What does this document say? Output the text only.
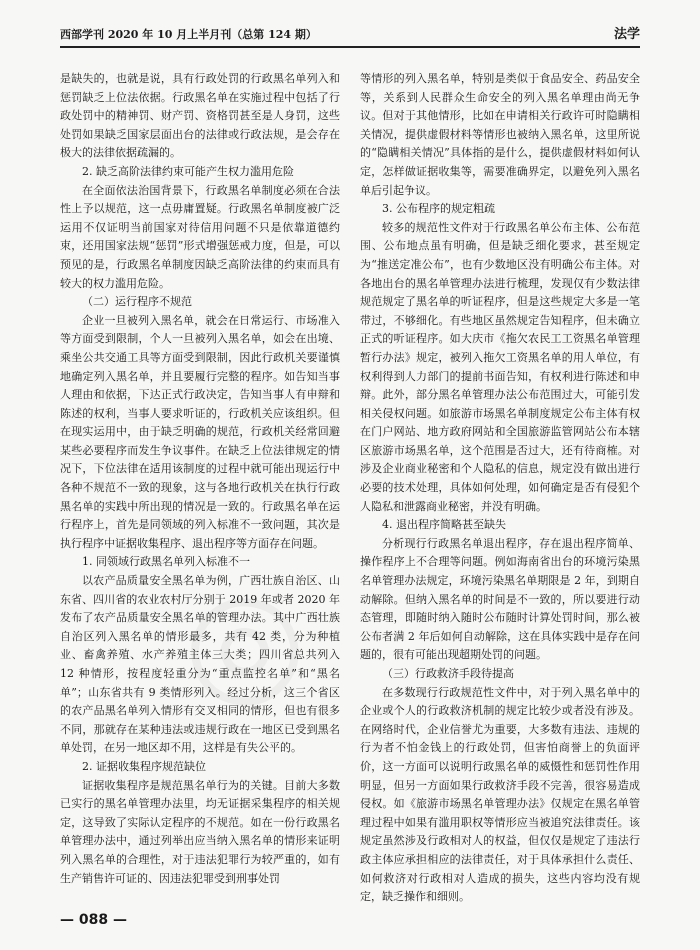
西部学刊 2020 年 10 月上半月刊（总第 124 期）	法学

是缺失的，也就是说，具有行政处罚的行政黑名单列入和惩罚缺乏上位法依据。行政黑名单在实施过程中包括了行政处罚中的精神罚、财产罚、资格罚甚至是人身罚，这些处罚如果缺乏国家层面出台的法律或行政法规，是会存在极大的法律依据疏漏的。

2. 缺乏高阶法律约束可能产生权力滥用危险

在全面依法治国背景下，行政黑名单制度必须在合法性上予以规范，这一点毋庸置疑。行政黑名单制度被广泛运用不仅证明当前国家对待信用问题不只是依靠道德约束，还用国家法规“惩罚”形式增强惩戒力度，但是，可以预见的是，行政黑名单制度因缺乏高阶法律的约束而具有较大的权力滥用危险。

（二）运行程序不规范

企业一旦被列入黑名单，就会在日常运行、市场准入等方面受到限制，个人一旦被列入黑名单，如会在出境、乘坐公共交通工具等方面受到限制，因此行政机关要谨慎地确定列入黑名单，并且要履行完整的程序。如告知当事人理由和依据，下达正式行政决定，告知当事人有申辩和陈述的权利，当事人要求听证的，行政机关应该组织。但在现实运用中，由于缺乏明确的规范，行政机关经常回避某些必要程序而发生争议事件。在缺乏上位法律规定的情况下，下位法律在适用该制度的过程中就可能出现运行中各种不规范不一致的现象，这与各地行政机关在执行行政黑名单的实践中所出现的情况是一致的。行政黑名单在运行程序上，首先是同领域的列入标准不一致问题，其次是执行程序中证据收集程序、退出程序等方面存在问题。

1. 同领域行政黑名单列入标准不一

以农产品质量安全黑名单为例，广西壮族自治区、山东省、四川省的农业农村厅分别于 2019 年或者 2020 年发布了农产品质量安全黑名单的管理办法。其中广西壮族自治区列入黑名单的情形最多，共有 42 类，分为种植业、畜禽养殖、水产养殖主体三大类；四川省总共列入 12 种情形，按程度轻重分为“重点监控名单”和“黑名单”；山东省共有 9 类情形列入。经过分析，这三个省区的农产品黑名单列入情形有交叉相同的情形，但也有很多不同，那就存在某种违法或违规行政在一地区已受到黑名单处罚，在另一地区却不用，这样是有失公平的。

2. 证据收集程序规范缺位

证据收集程序是规范黑名单行为的关键。目前大多数已实行的黑名单管理办法里，均无证据采集程序的相关规定，这导致了实际认定程序的不规范。如在一份行政黑名单管理办法中，通过列举出应当纳入黑名单的情形来证明列入黑名单的合理性，对于违法犯罪行为较严重的，如有生产销售许可证的、因违法犯罪受到刑事处罚

等情形的列入黑名单，特别是类似于食品安全、药品安全等，关系到人民群众生命安全的列入黑名单理由尚无争议。但对于其他情形，比如在申请相关行政许可时隐瞒相关情况，提供虚假材料等情形也被纳入黑名单，这里所说的“隐瞒相关情况”具体指的是什么，提供虚假材料如何认定，怎样做证据收集等，需要准确界定，以避免列入黑名单后引起争议。

3. 公布程序的规定粗疏

较多的规范性文件对于行政黑名单公布主体、公布范围、公布地点虽有明确，但是缺乏细化要求，甚至规定为“推送定准公布”，也有少数地区没有明确公布主体。对各地出台的黑名单管理办法进行梳理，发现仅有少数法律规范规定了黑名单的听证程序，但是这些规定大多是一笔带过，不够细化。有些地区虽然规定告知程序，但未确立正式的听证程序。如大庆市《拖欠农民工工资黑名单管理暂行办法》规定，被列入拖欠工资黑名单的用人单位，有权利得到人力部门的提前书面告知，有权利进行陈述和申辩。此外，部分黑名单管理办法公布范围过大，可能引发相关侵权问题。如旅游市场黑名单制度规定公布主体有权在门户网站、地方政府网站和全国旅游监管网站公布本辖区旅游市场黑名单，这个范围是否过大，还有待商榷。对涉及企业商业秘密和个人隐私的信息，规定没有做出进行必要的技术处理，具体如何处理，如何确定是否有侵犯个人隐私和泄露商业秘密，并没有明确。

4. 退出程序简略甚至缺失

分析现行行政黑名单退出程序，存在退出程序简单、操作程序上不合理等问题。例如海南省出台的环境污染黑名单管理办法规定，环境污染黑名单期限是 2 年，到期自动解除。但纳入黑名单的时间是不一致的，所以要进行动态管理，即随时纳入随时公布随时计算处罚时间，那么被公布者满 2 年后如何自动解除，这在具体实践中是存在问题的，很有可能出现超期处罚的问题。

（三）行政救济手段待提高

在多数现行行政规范性文件中，对于列入黑名单中的企业或个人的行政救济机制的规定比较少或者没有涉及。在网络时代，企业信誉尤为重要，大多数有违法、违规的行为者不怕金钱上的行政处罚，但害怕商誉上的负面评价，这一方面可以说明行政黑名单的威慑性和惩罚性作用明显，但另一方面如果行政救济手段不完善，很容易造成侵权。如《旅游市场黑名单管理办法》仅规定在黑名单管理过程中如果有滥用职权等情形应当被追究法律责任。该规定虽然涉及行政相对人的权益，但仅仅是规定了违法行政主体应承担相应的法律责任，对于具体承担什么责任、如何救济对行政相对人造成的损失，这些内容均没有规定，缺乏操作和细则。

— 088 —
